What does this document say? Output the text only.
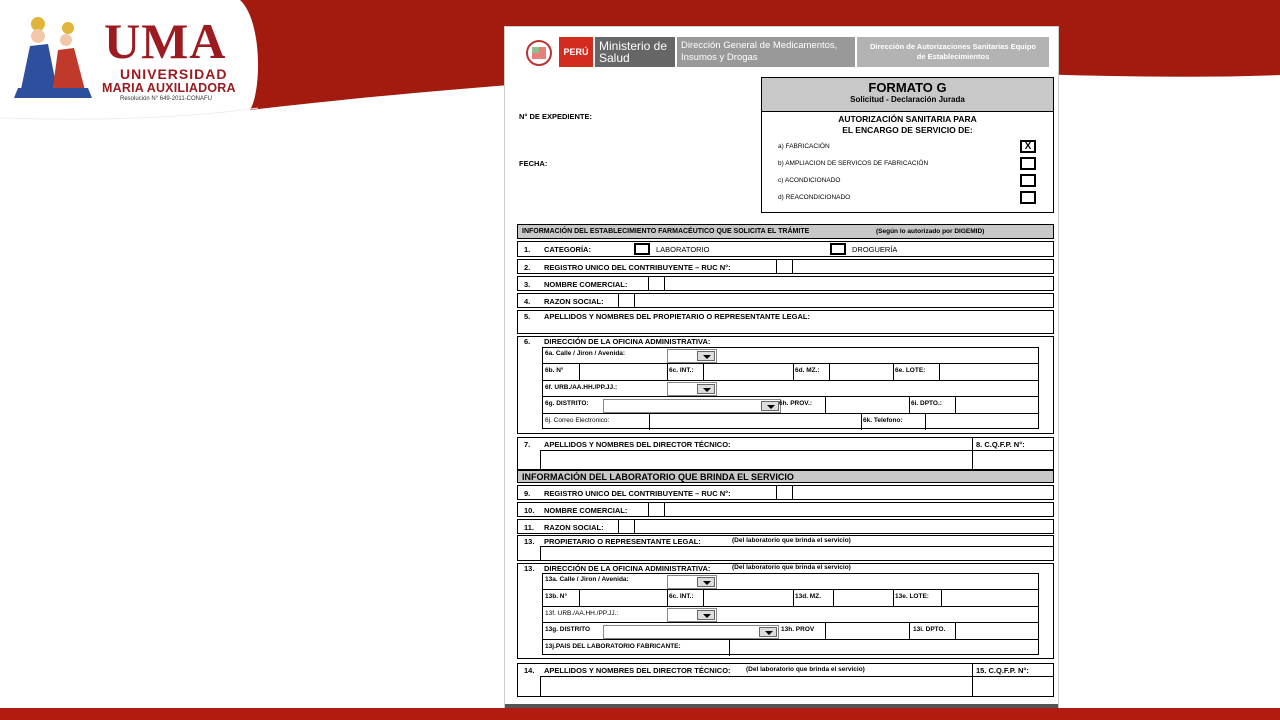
UMA
UNIVERSIDAD
MARIA AUXILIADORA
Resolución N° 649-2011-CONAFU
PERÚ Ministerio de Salud
Dirección General de Medicamentos, Insumos y Drogas
Dirección de Autorizaciones Sanitarias Equipo de Establecimientos
N° DE EXPEDIENTE:
FECHA:
FORMATO G
Solicitud - Declaración Jurada
AUTORIZACIÓN SANITARIA PARA
EL ENCARGO DE SERVICIO DE:
a) FABRICACIÓN	X
b) AMPLIACION DE SERVICOS DE FABRICACIÓN
c) ACONDICIONADO
d) REACONDICIONADO
INFORMACIÓN DEL ESTABLECIMIENTO FARMACÉUTICO QUE SOLICITA EL TRÁMITE	(Según lo autorizado por DIGEMID)
1. CATEGORÍA:	LABORATORIO	DROGUERÍA
2. REGISTRO UNICO DEL CONTRIBUYENTE – RUC N°:
3. NOMBRE COMERCIAL:
4. RAZON SOCIAL:
5. APELLIDOS Y NOMBRES DEL PROPIETARIO O REPRESENTANTE LEGAL:
6. DIRECCIÓN DE LA OFICINA ADMINISTRATIVA:
6a. Calle / Jiron / Avenida:
6b. N°	6c. INT.:	6d. MZ.:	6e. LOTE:
6f. URB./AA.HH./PP.JJ.:
6g. DISTRITO:	6h. PROV.:	6i. DPTO.:
6j. Correo Electronico:	6k. Telefono:
7. APELLIDOS Y NOMBRES DEL DIRECTOR TÉCNICO:	8. C.Q.F.P. N°:
INFORMACIÓN DEL LABORATORIO QUE BRINDA EL SERVICIO
9. REGISTRO UNICO DEL CONTRIBUYENTE – RUC N°:
10. NOMBRE COMERCIAL:
11. RAZON SOCIAL:
13. PROPIETARIO O REPRESENTANTE LEGAL:	(Del laboratorio que brinda el servicio)
13. DIRECCIÓN DE LA OFICINA ADMINISTRATIVA:	(Del laboratorio que brinda el servicio)
13a. Calle / Jiron / Avenida:
13b. N°	6c. INT.:	13d. MZ.	13e. LOTE:
13f. URB./AA.HH./PP.JJ.:
13g. DISTRITO	13h. PROV	13i. DPTO.
13j.PAIS DEL LABORATORIO FABRICANTE:
14. APELLIDOS Y NOMBRES DEL DIRECTOR TÉCNICO: (Del laboratorio que brinda el servicio)	15. C.Q.F.P. N°:
